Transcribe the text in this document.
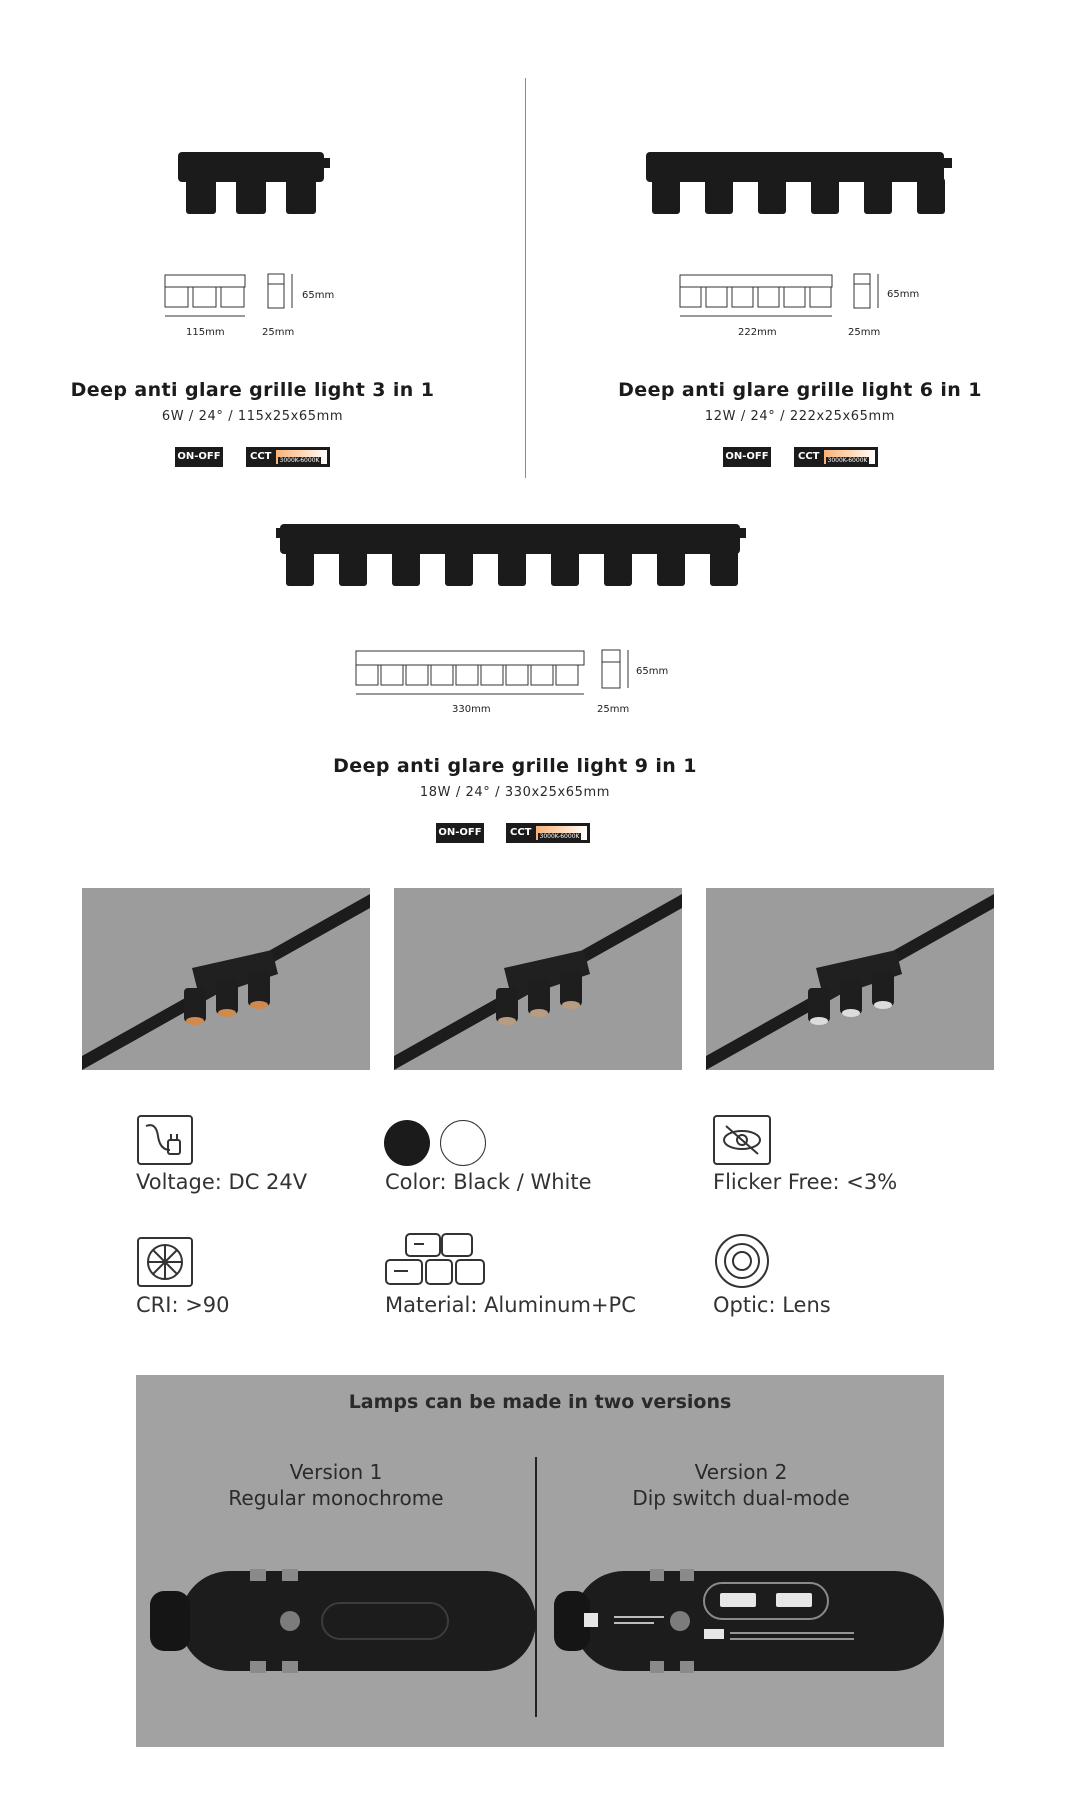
115mm	25mm
65mm
Deep anti glare grille light 3 in 1
6W / 24° / 115x25x65mm
ON-OFF	CCT	3000K-6000K
222mm	25mm
65mm
Deep anti glare grille light 6 in 1
12W / 24° / 222x25x65mm
ON-OFF	CCT	3000K-6000K
330mm	25mm
65mm
Deep anti glare grille light 9 in 1
18W / 24° / 330x25x65mm
ON-OFF	CCT	3000K-6000K
Voltage: DC 24V	Color: Black / White	Flicker Free: <3%
CRI: >90	Material: Aluminum+PC	Optic: Lens
Lamps can be made in two versions
Version 1
Regular monochrome
Version 2
Dip switch dual-mode
